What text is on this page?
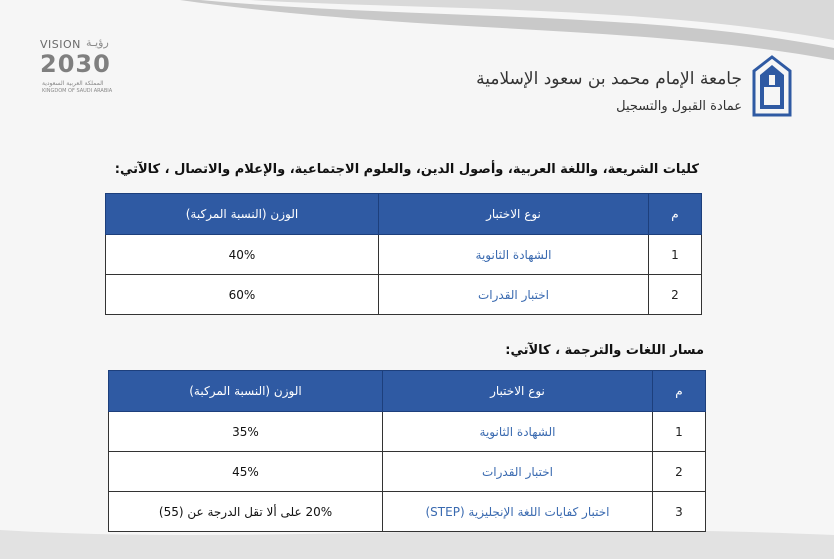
VISION رؤيـة
2030
المملكة العربية السعودية
KINGDOM OF SAUDI ARABIA
جامعة الإمام محمد بن سعود الإسلامية
عمادة القبول والتسجيل
كليات الشريعة، واللغة العربية، وأصول الدين، والعلوم الاجتماعية، والإعلام والاتصال ، كالآتي:
م	نوع الاختبار	الوزن (النسبة المركبة)
1	الشهادة الثانوية	40%
2	اختبار القدرات	60%
مسار اللغات والترجمة ، كالآتي:
م	نوع الاختبار	الوزن (النسبة المركبة)
1	الشهادة الثانوية	35%
2	اختبار القدرات	45%
3	اختبار كفايات اللغة الإنجليزية (STEP)	20% على ألا تقل الدرجة عن (55)
